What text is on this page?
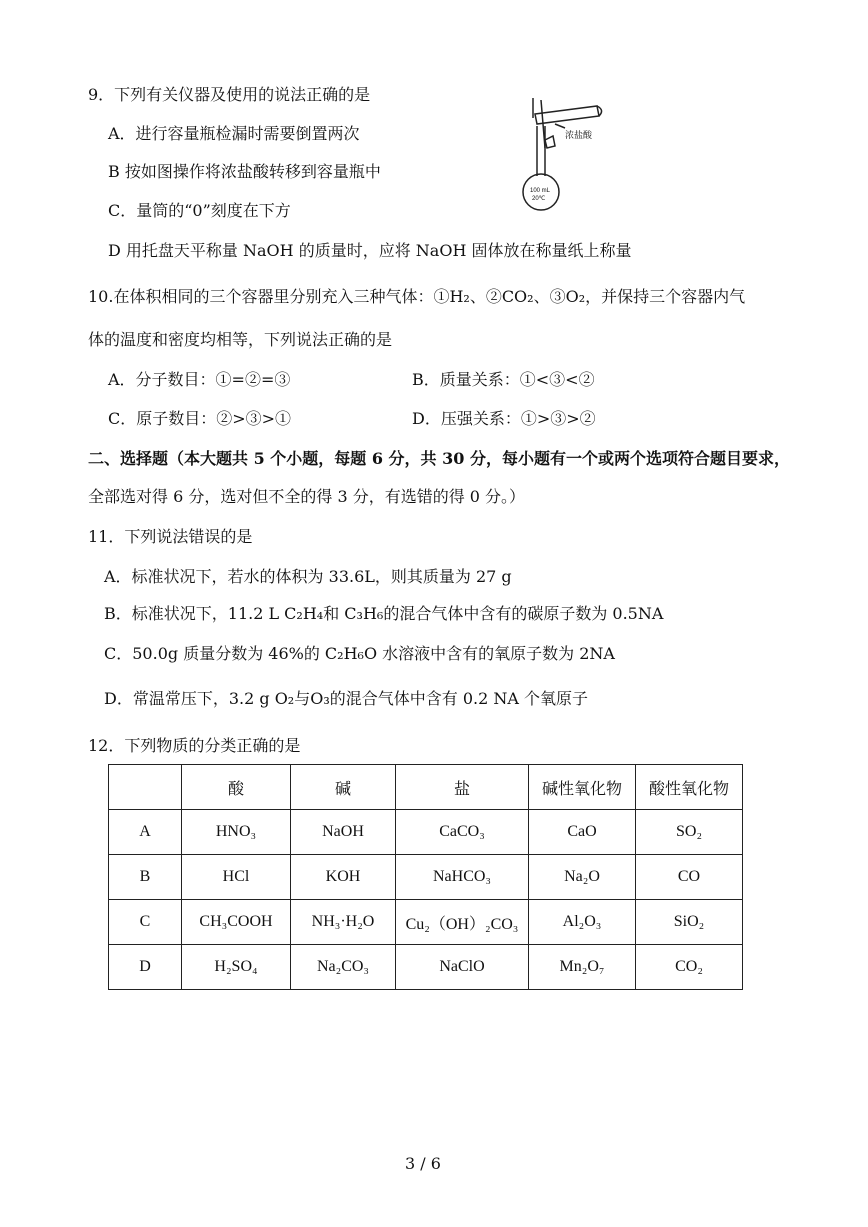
9．下列有关仪器及使用的说法正确的是
A．进行容量瓶检漏时需要倒置两次
B 按如图操作将浓盐酸转移到容量瓶中
C．量筒的“0”刻度在下方
D 用托盘天平称量 NaOH 的质量时，应将 NaOH 固体放在称量纸上称量
浓盐酸
100 mL
20℃
10.在体积相同的三个容器里分别充入三种气体：①H₂、②CO₂、③O₂，并保持三个容器内气
体的温度和密度均相等，下列说法正确的是
A．分子数目：①=②=③	B．质量关系：①<③<②
C．原子数目：②>③>①	D．压强关系：①>③>②
二、选择题（本大题共 5 个小题，每题 6 分，共 30 分，每小题有一个或两个选项符合题目要求，
全部选对得 6 分，选对但不全的得 3 分，有选错的得 0 分。）
11．下列说法错误的是
A．标准状况下，若水的体积为 33.6L，则其质量为 27 g
B．标准状况下，11.2 L C₂H₄和 C₃H₆的混合气体中含有的碳原子数为 0.5NA
C．50.0g 质量分数为 46%的 C₂H₆O 水溶液中含有的氧原子数为 2NA
D．常温常压下，3.2 g O₂与O₃的混合气体中含有 0.2 NA 个氧原子
12．下列物质的分类正确的是
	酸	碱	盐	碱性氧化物	酸性氧化物
A	HNO₃	NaOH	CaCO₃	CaO	SO₂
B	HCl	KOH	NaHCO₃	Na₂O	CO
C	CH₃COOH	NH₃·H₂O	Cu₂（OH）₂CO₃	Al₂O₃	SiO₂
D	H₂SO₄	Na₂CO₃	NaClO	Mn₂O₇	CO₂
3 / 6
